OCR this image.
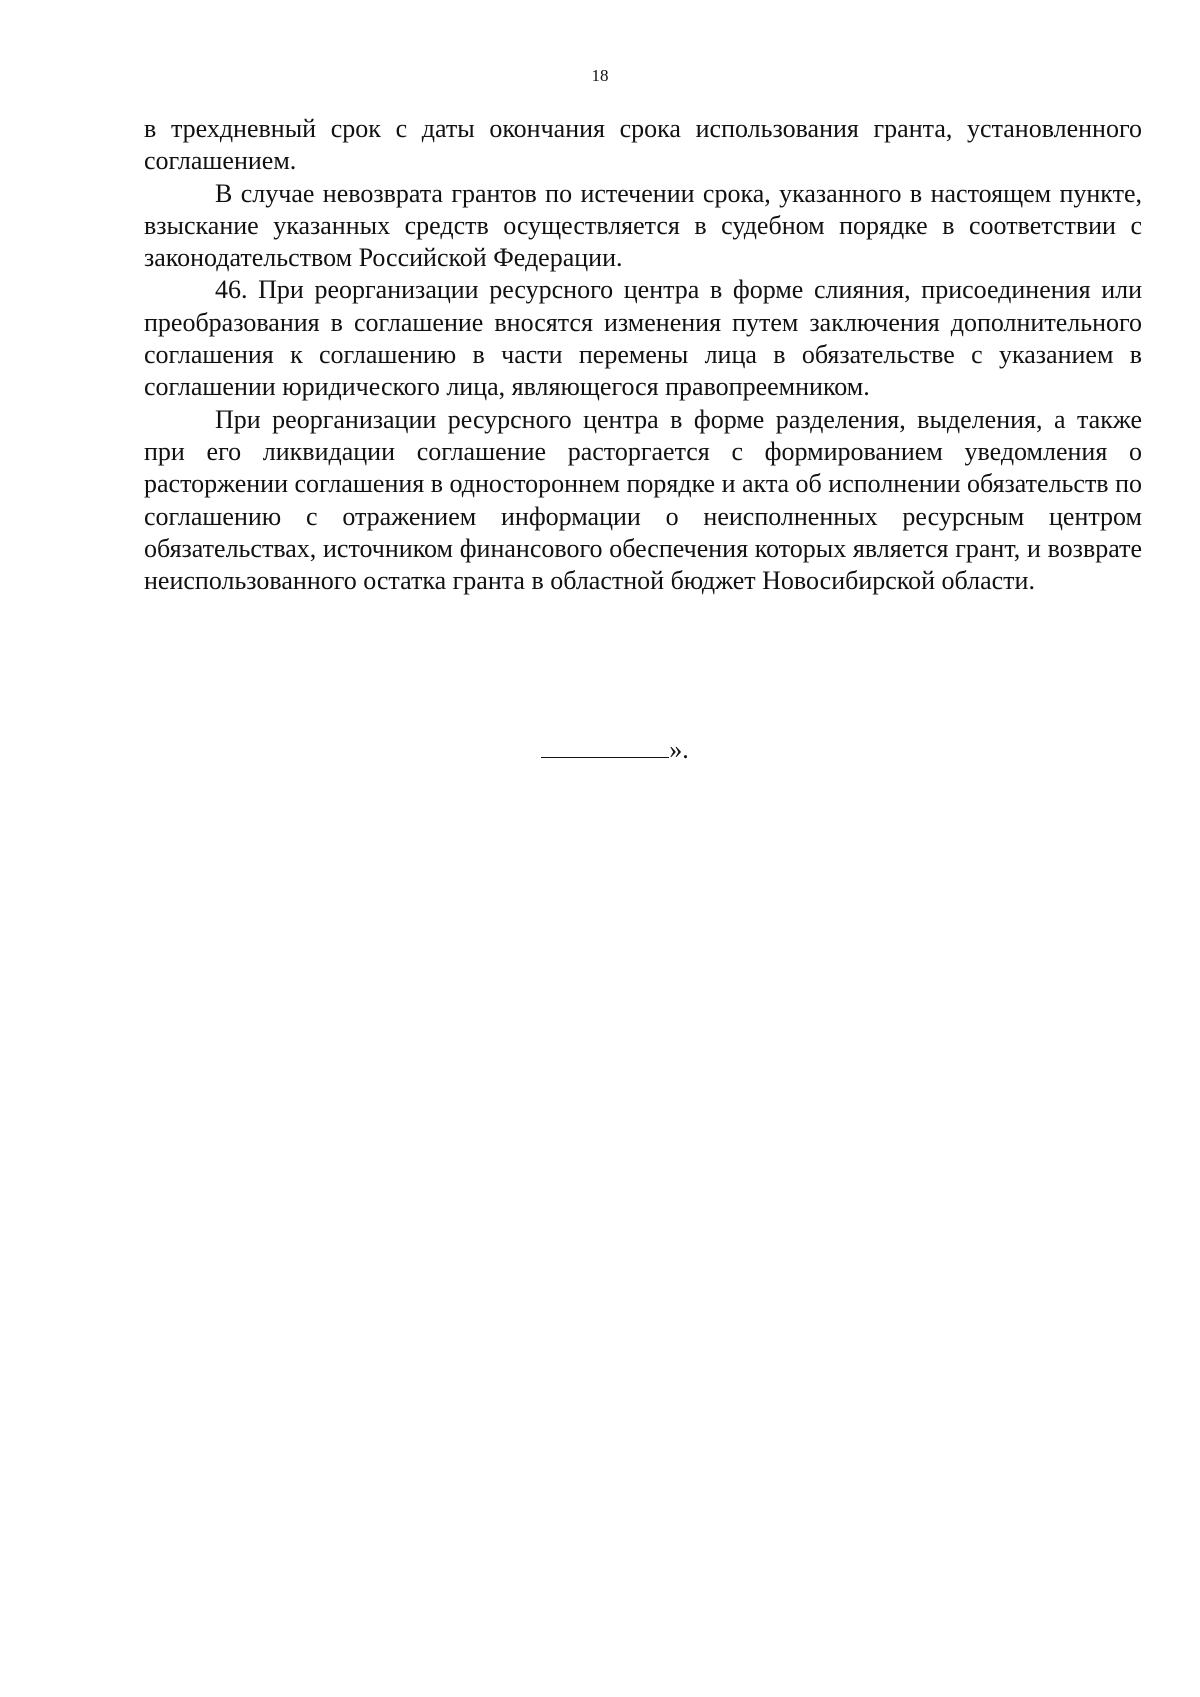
18

в трехдневный срок с даты окончания срока использования гранта, установленного соглашением.

В случае невозврата грантов по истечении срока, указанного в настоящем пункте, взыскание указанных средств осуществляется в судебном порядке в соответствии с законодательством Российской Федерации.

46. При реорганизации ресурсного центра в форме слияния, присоединения или преобразования в соглашение вносятся изменения путем заключения дополнительного соглашения к соглашению в части перемены лица в обязательстве с указанием в соглашении юридического лица, являющегося правопреемником.

При реорганизации ресурсного центра в форме разделения, выделения, а также при его ликвидации соглашение расторгается с формированием уведомления о расторжении соглашения в одностороннем порядке и акта об исполнении обязательств по соглашению с отражением информации о неисполненных ресурсным центром обязательствах, источником финансового обеспечения которых является грант, и возврате неиспользованного остатка гранта в областной бюджет Новосибирской области.

».
